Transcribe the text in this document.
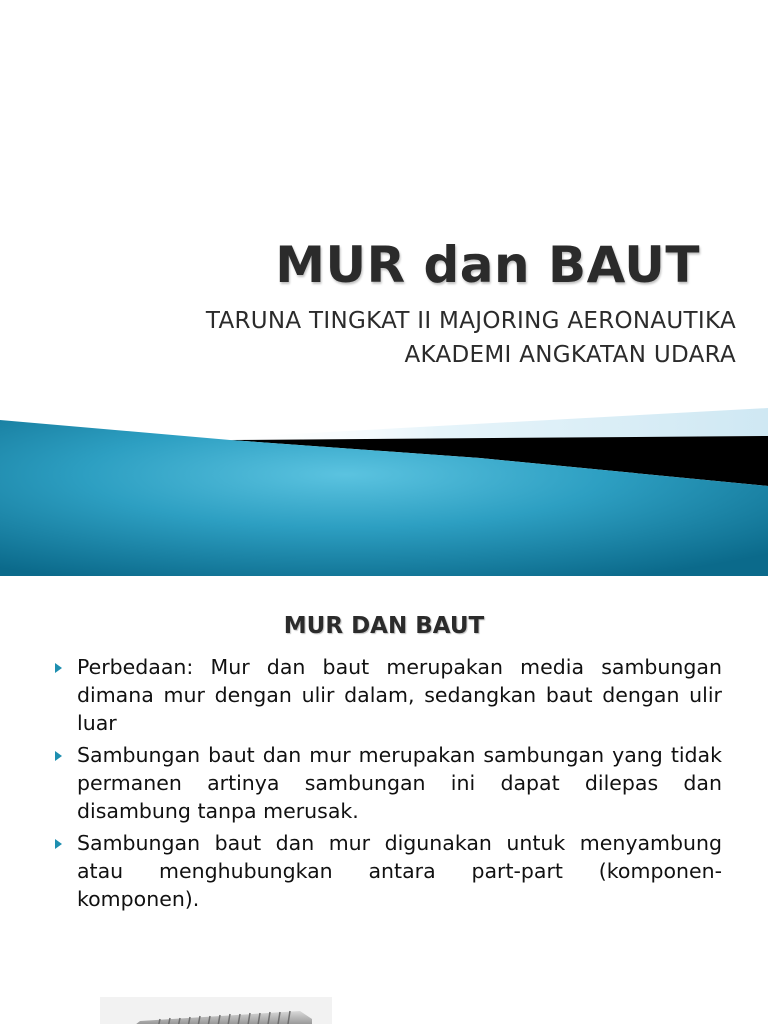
MUR dan BAUT
TARUNA TINGKAT II MAJORING AERONAUTIKA
AKADEMI ANGKATAN UDARA
MUR DAN BAUT
Perbedaan: Mur dan baut merupakan media sambungan dimana mur dengan ulir dalam, sedangkan baut dengan ulir luar
Sambungan baut dan mur merupakan sambungan yang tidak permanen artinya sambungan ini dapat dilepas dan disambung tanpa merusak.
Sambungan baut dan mur digunakan untuk menyambung atau menghubungkan antara part-part (komponen-komponen).
